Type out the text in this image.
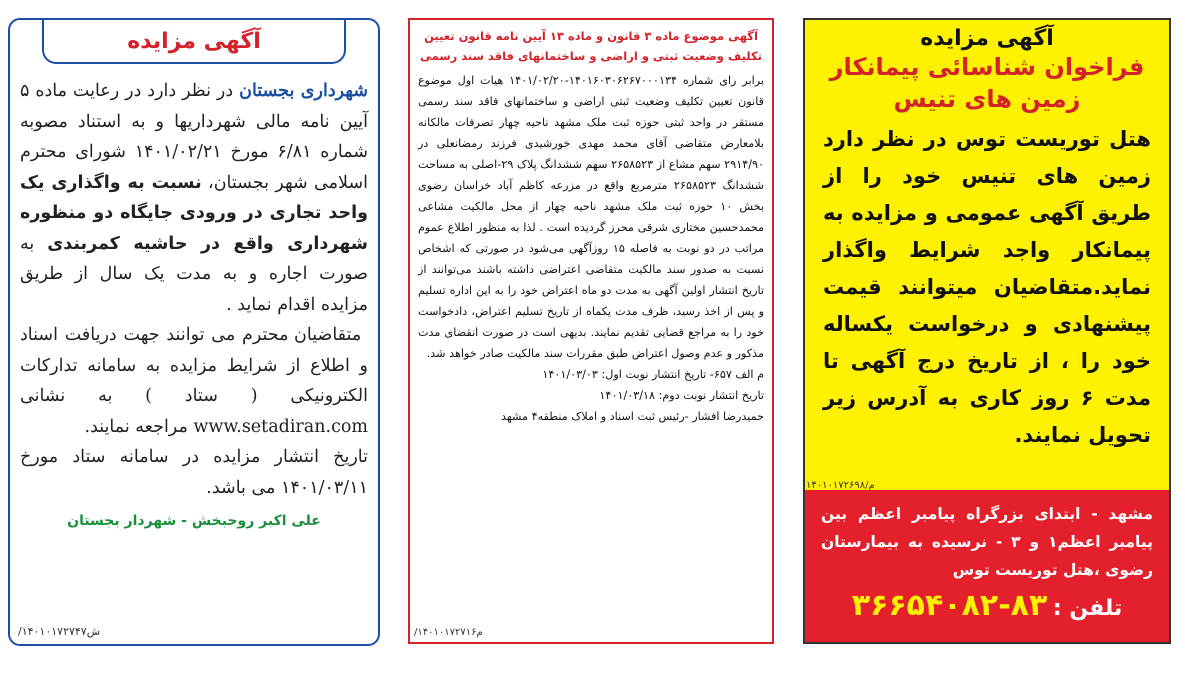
آگهی مزایده
شهرداری بجستان در نظر دارد در رعایت ماده ۵ آیین نامه مالی شهرداریها و به استناد مصوبه شماره ۶/۸۱ مورخ ۱۴۰۱/۰۲/۲۱ شورای محترم اسلامی شهر بجستان، نسبت به واگذاری یک واحد تجاری در ورودی جایگاه دو منظوره شهرداری واقع در حاشیه کمربندی به صورت اجاره و به مدت یک سال از طریق مزایده اقدام نماید .
متقاضیان محترم می توانند جهت دریافت اسناد و اطلاع از شرایط مزایده به سامانه تدارکات الکترونیکی ( ستاد ) به نشانی www.setadiran.com مراجعه نمایند.
تاریخ انتشار مزایده در سامانه ستاد مورخ ۱۴۰۱/۰۳/۱۱ می باشد.
علی اکبر روحبخش - شهردار بجستان
/۱۴۰۱۰۱۷۲۷۴۷ش
آگهی موضوع ماده ۳ قانون و ماده ۱۳ آیین نامه قانون تعیین تکلیف وضعیت ثبتی و اراضی و ساختمانهای فاقد سند رسمی
برابر رای شماره ۱۴۰۱۶۰۳۰۶۲۶۷۰۰۰۱۳۴-۱۴۰۱/۰۲/۲۰ هیات اول موضوع قانون تعیین تکلیف وضعیت ثبتی اراضی و ساختمانهای فاقد سند رسمی مستقر در واحد ثبتی حوزه ثبت ملک مشهد ناحیه چهار تصرفات مالکانه بلامعارض متقاضی آقای محمد مهدی خورشیدی فرزند رمضانعلی در ۲۹۱۴/۹۰ سهم مشاع از ۲۶۵۸۵۲۳ سهم ششدانگ پلاک ۲۹-اصلی به مساحت ششدانگ ۲۶۵۸۵۲۳ مترمربع واقع در مزرعه کاظم آباد خراسان رضوی بخش ۱۰ حوزه ثبت ملک مشهد ناحیه چهار از محل مالکیت مشاعی محمدحسین مختاری شرقی محرز گردیده است . لذا به منظور اطلاع عموم مراتب در دو نوبت به فاصله ۱۵ روزآگهی می‌شود در صورتی که اشخاص نسبت به صدور سند مالکیت متقاضی اعتراضی داشته باشند می‌توانند از تاریخ انتشار اولین آگهی به مدت دو ماه اعتراض خود را به این اداره تسلیم و پس از اخذ رسید، ظرف مدت یکماه از تاریخ تسلیم اعتراض، دادخواست خود را به مراجع قضایی تقدیم نمایند. بدیهی است در صورت انقضای مدت مذکور و عدم وصول اعتراض طبق مقررات سند مالکیت صادر خواهد شد.
م الف ۶۵۷- تاریخ انتشار نوبت اول: ۱۴۰۱/۰۳/۰۳
تاریخ انتشار نوبت دوم: ۱۴۰۱/۰۳/۱۸
حمیدرضا افشار -رئیس ثبت اسناد و املاک منطقه۴ مشهد
/۱۴۰۱۰۱۷۲۷۱۶م
آگهی مزایده
فراخوان شناسائی پیمانکار زمین های تنیس
هتل توریست توس در نظر دارد زمین های تنیس خود را از طریق آگهی عمومی و مزایده به پیمانکار واجد شرایط واگذار نماید.متقاضیان میتوانند قیمت پیشنهادی و درخواست یکساله خود را ، از تاریخ درج آگهی تا مدت ۶ روز کاری به آدرس زیر تحویل نمایند.
مشهد - ابتدای بزرگراه پیامبر اعظم بین پیامبر اعظم۱ و ۳ - نرسیده به بیمارستان رضوی ،هتل توریست توس
تلفن : ۳۶۶۵۴۰۸۲-۸۳
م/۱۴۰۱۰۱۷۲۶۹۸
